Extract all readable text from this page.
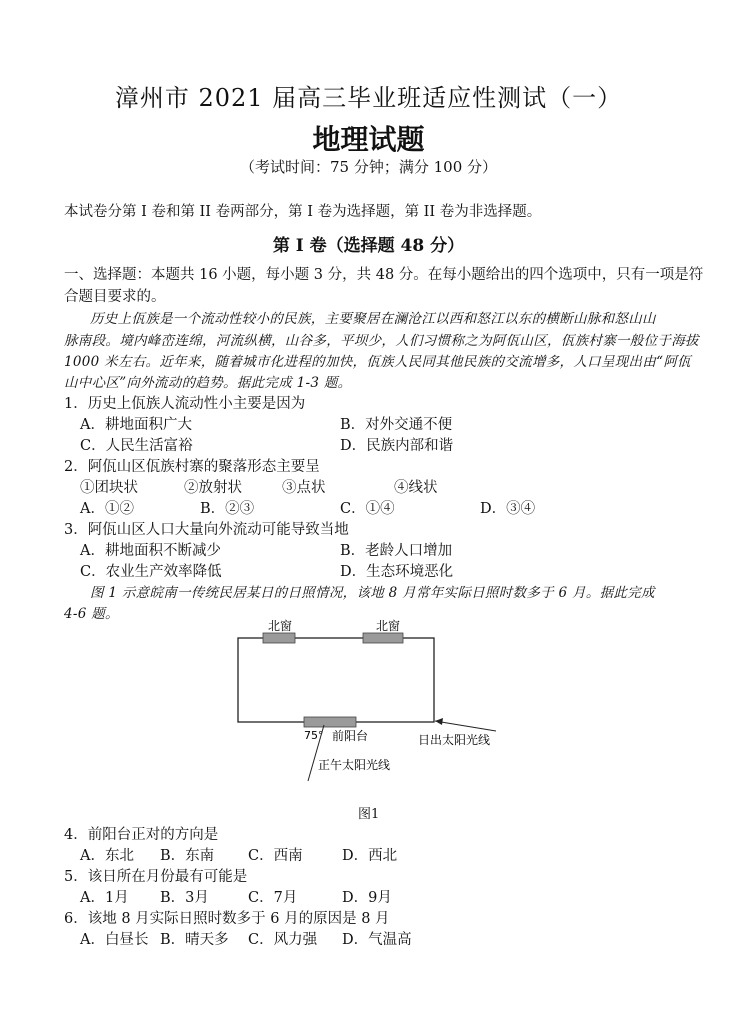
漳州市 2021 届高三毕业班适应性测试（一）
地理试题
（考试时间：75 分钟；满分 100 分）
本试卷分第 I 卷和第 II 卷两部分，第 I 卷为选择题，第 II 卷为非选择题。
第 I 卷（选择题 48 分）
一、选择题：本题共 16 小题，每小题 3 分，共 48 分。在每小题给出的四个选项中，只有一项是符
合题目要求的。
历史上佤族是一个流动性较小的民族，主要聚居在澜沧江以西和怒江以东的横断山脉和怒山山
脉南段。境内峰峦连绵，河流纵横，山谷多，平坝少，人们习惯称之为阿佤山区，佤族村寨一般位于海拔
1000 米左右。近年来，随着城市化进程的加快，佤族人民同其他民族的交流增多，人口呈现出由“阿佤
山中心区”向外流动的趋势。据此完成 1-3 题。
1．历史上佤族人流动性小主要是因为
A．耕地面积广大	B．对外交通不便
C．人民生活富裕	D．民族内部和谐
2．阿佤山区佤族村寨的聚落形态主要呈
①团块状	②放射状	③点状	④线状
A．①②	B．②③	C．①④	D．③④
3．阿佤山区人口大量向外流动可能导致当地
A．耕地面积不断减少	B．老龄人口增加
C．农业生产效率降低	D．生态环境恶化
图 1 示意皖南一传统民居某日的日照情况，该地 8 月常年实际日照时数多于 6 月。据此完成
4-6 题。
北窗	北窗
75° 前阳台
正午太阳光线
日出太阳光线
图1
4．前阳台正对的方向是
A．东北 B．东南 C．西南	D．西北
5．该日所在月份最有可能是
A．1月 B．3月	C．7月	D．9月
6．该地 8 月实际日照时数多于 6 月的原因是 8 月
A．白昼长 B．晴天多 C．风力强 D．气温高
